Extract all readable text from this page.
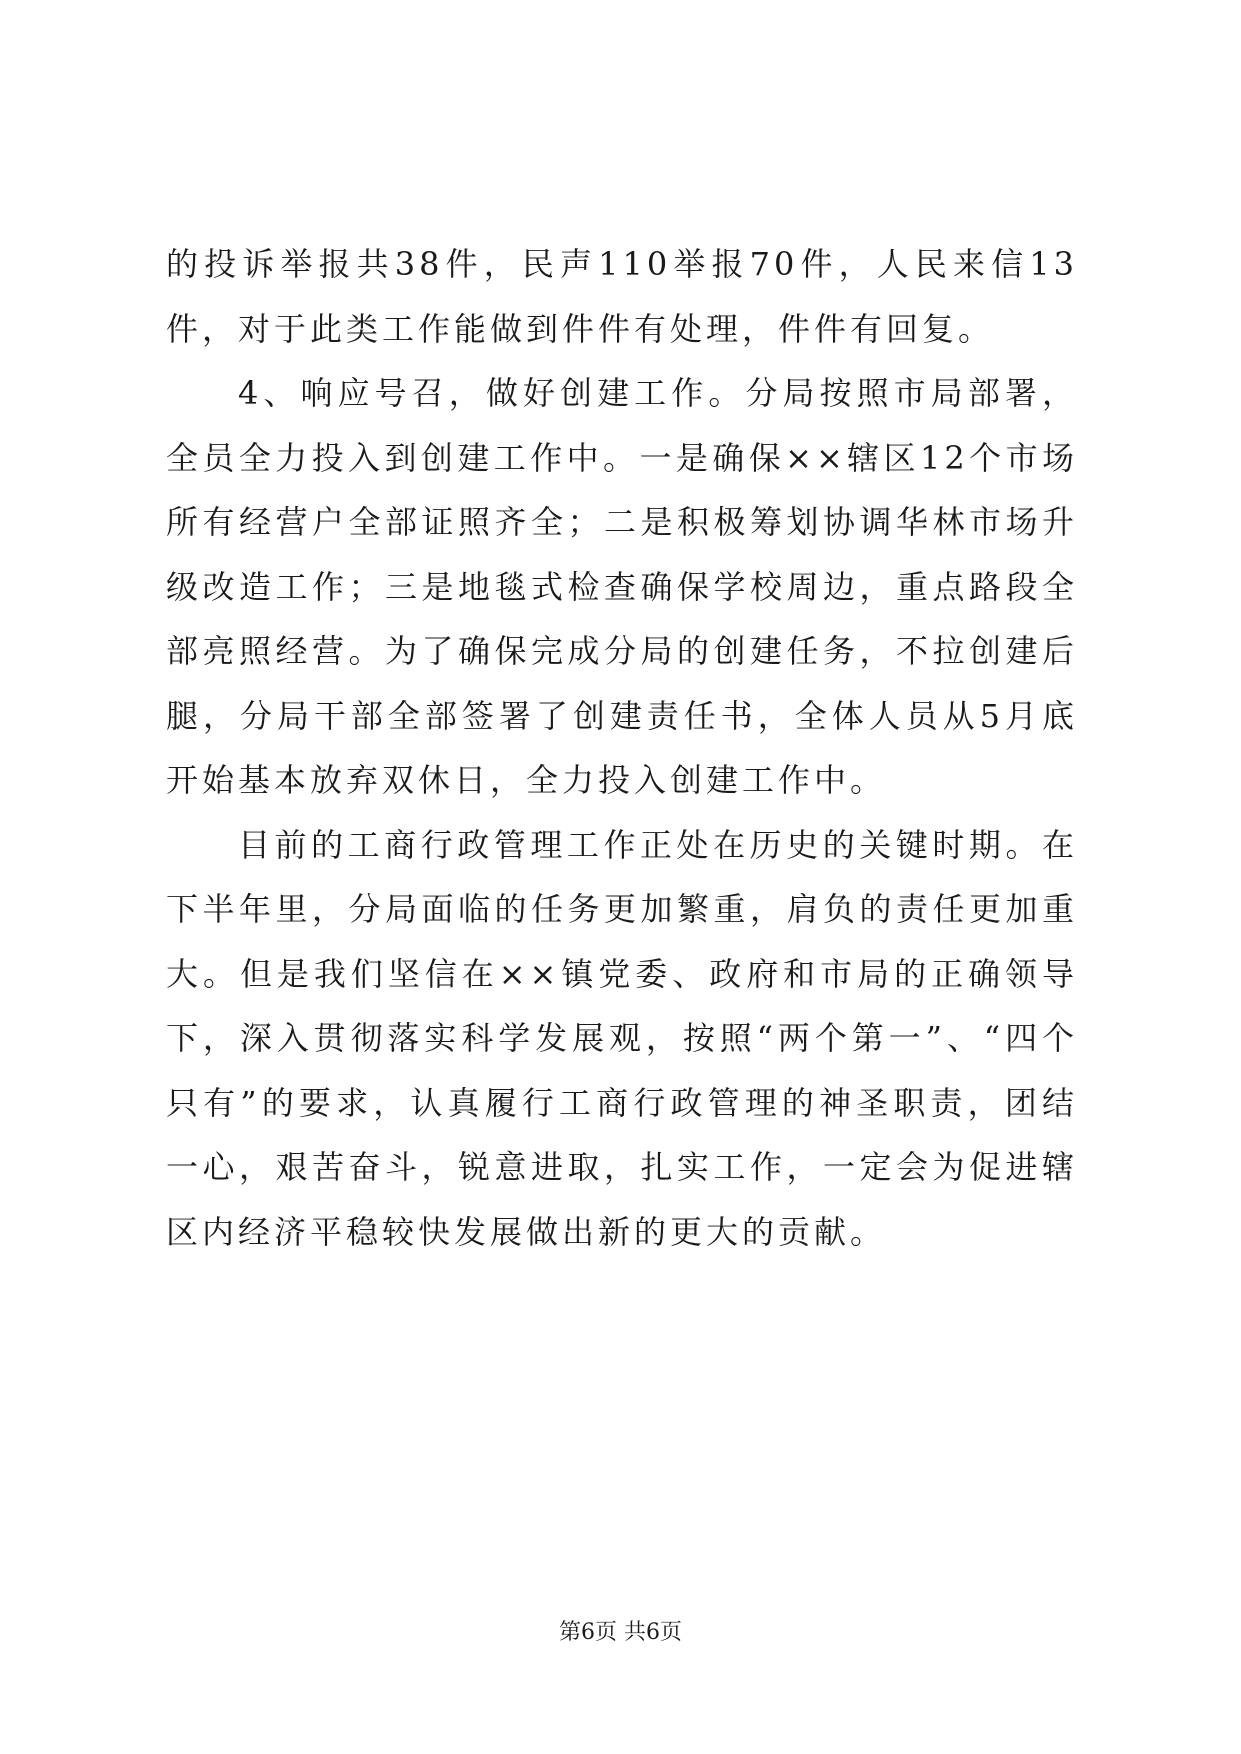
的投诉举报共38件，民声110举报70件，人民来信13件，对于此类工作能做到件件有处理，件件有回复。

4、响应号召，做好创建工作。分局按照市局部署，全员全力投入到创建工作中。一是确保××辖区12个市场所有经营户全部证照齐全；二是积极筹划协调华林市场升级改造工作；三是地毯式检查确保学校周边，重点路段全部亮照经营。为了确保完成分局的创建任务，不拉创建后腿，分局干部全部签署了创建责任书，全体人员从5月底开始基本放弃双休日，全力投入创建工作中。

目前的工商行政管理工作正处在历史的关键时期。在下半年里，分局面临的任务更加繁重，肩负的责任更加重大。但是我们坚信在××镇党委、政府和市局的正确领导下，深入贯彻落实科学发展观，按照“两个第一”、“四个只有”的要求，认真履行工商行政管理的神圣职责，团结一心，艰苦奋斗，锐意进取，扎实工作，一定会为促进辖区内经济平稳较快发展做出新的更大的贡献。

第6页 共6页
